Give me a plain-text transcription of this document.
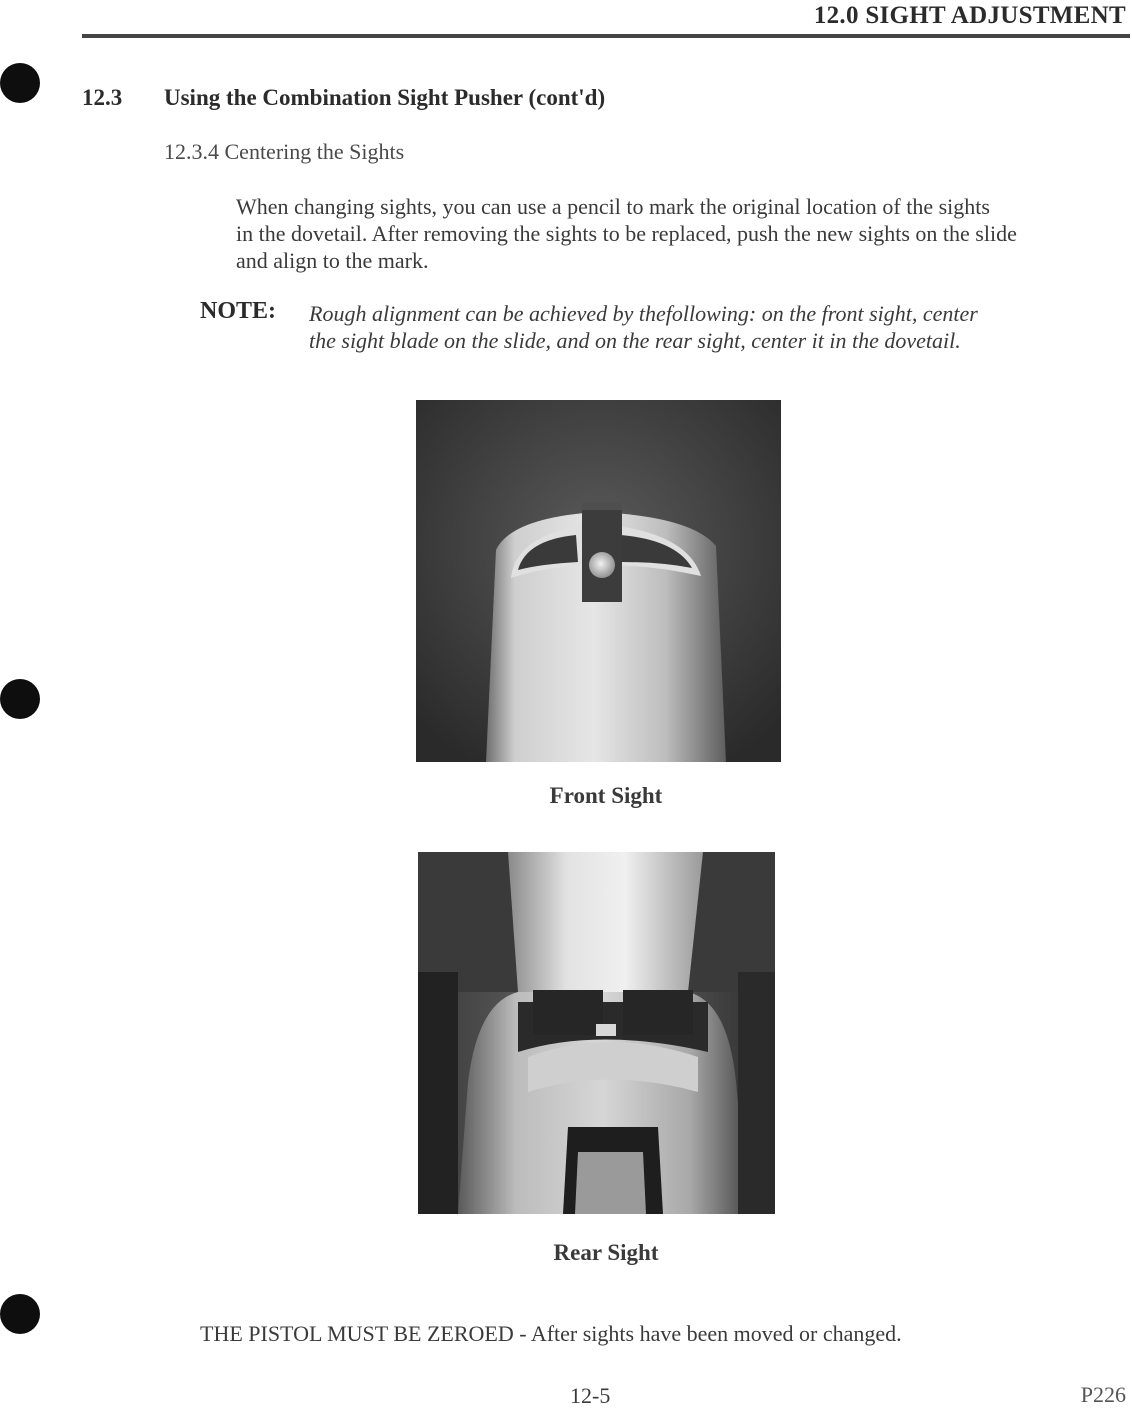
12.0 SIGHT ADJUSTMENT
12.3 Using the Combination Sight Pusher (cont'd)
12.3.4 Centering the Sights
When changing sights, you can use a pencil to mark the original location of the sights
in the dovetail. After removing the sights to be replaced, push the new sights on the slide
and align to the mark.
NOTE: Rough alignment can be achieved by thefollowing: on the front sight, center
the sight blade on the slide, and on the rear sight, center it in the dovetail.
Front Sight
Rear Sight
THE PISTOL MUST BE ZEROED - After sights have been moved or changed.
12-5	P226
